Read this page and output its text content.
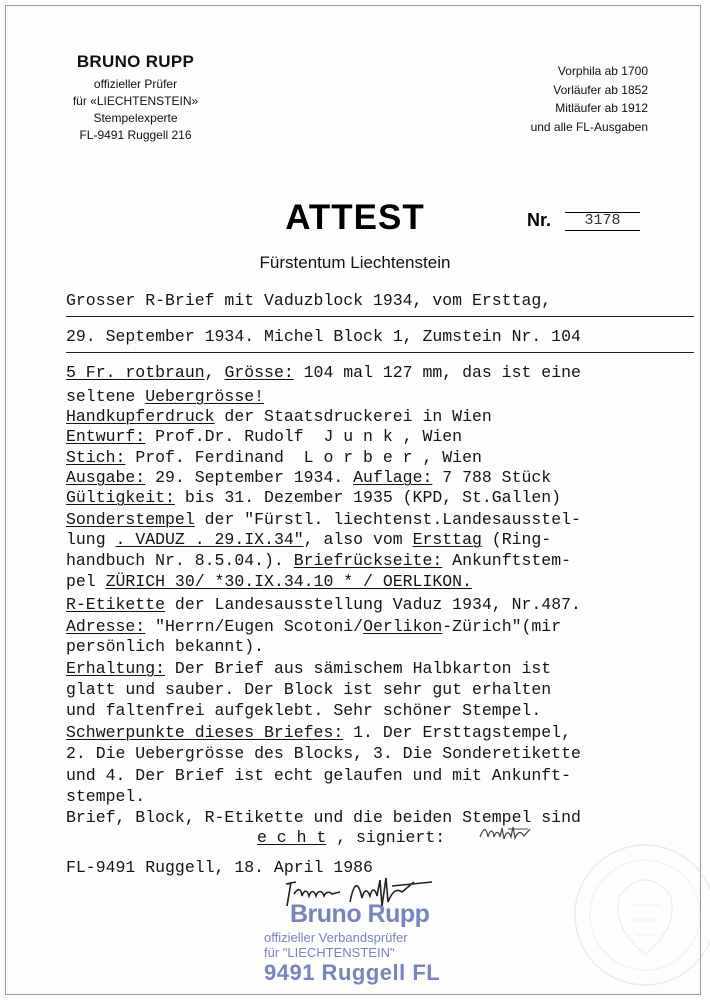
BRUNO RUPP
offizieller Prüfer
für «LIECHTENSTEIN»
Stempelexperte
FL-9491 Ruggell 216
Vorphila ab 1700
Vorläufer ab 1852
Mitläufer ab 1912
und alle FL-Ausgaben
ATTEST	Nr.	3178
Fürstentum Liechtenstein
Grosser R-Brief mit Vaduzblock 1934, vom Ersttag,
29. September 1934. Michel Block 1, Zumstein Nr. 104
5 Fr. rotbraun, Grösse: 104 mal 127 mm, das ist eine
seltene Uebergrösse!
Handkupferdruck der Staatsdruckerei in Wien
Entwurf: Prof.Dr. Rudolf  J u n k , Wien
Stich: Prof. Ferdinand  L o r b e r , Wien
Ausgabe: 29. September 1934. Auflage: 7 788 Stück
Gültigkeit: bis 31. Dezember 1935 (KPD, St.Gallen)
Sonderstempel der "Fürstl. liechtenst.Landesausstel-
lung . VADUZ . 29.IX.34", also vom Ersttag (Ring-
handbuch Nr. 8.5.04.). Briefrückseite: Ankunftstem-
pel ZÜRICH 30/ *30.IX.34.10 * / OERLIKON.
R-Etikette der Landesausstellung Vaduz 1934, Nr.487.
Adresse: "Herrn/Eugen Scotoni/Oerlikon-Zürich"(mir
persönlich bekannt).
Erhaltung: Der Brief aus sämischem Halbkarton ist
glatt und sauber. Der Block ist sehr gut erhalten
und faltenfrei aufgeklebt. Sehr schöner Stempel.
Schwerpunkte dieses Briefes: 1. Der Ersttagstempel,
2. Die Uebergrösse des Blocks, 3. Die Sonderetikette
und 4. Der Brief ist echt gelaufen und mit Ankunft-
stempel.
Brief, Block, R-Etikette und die beiden Stempel sind
e c h t , signiert:
FL-9491 Ruggell, 18. April 1986
Bruno Rupp
offizieller Verbandsprüfer
für "LIECHTENSTEIN"
9491 Ruggell FL
